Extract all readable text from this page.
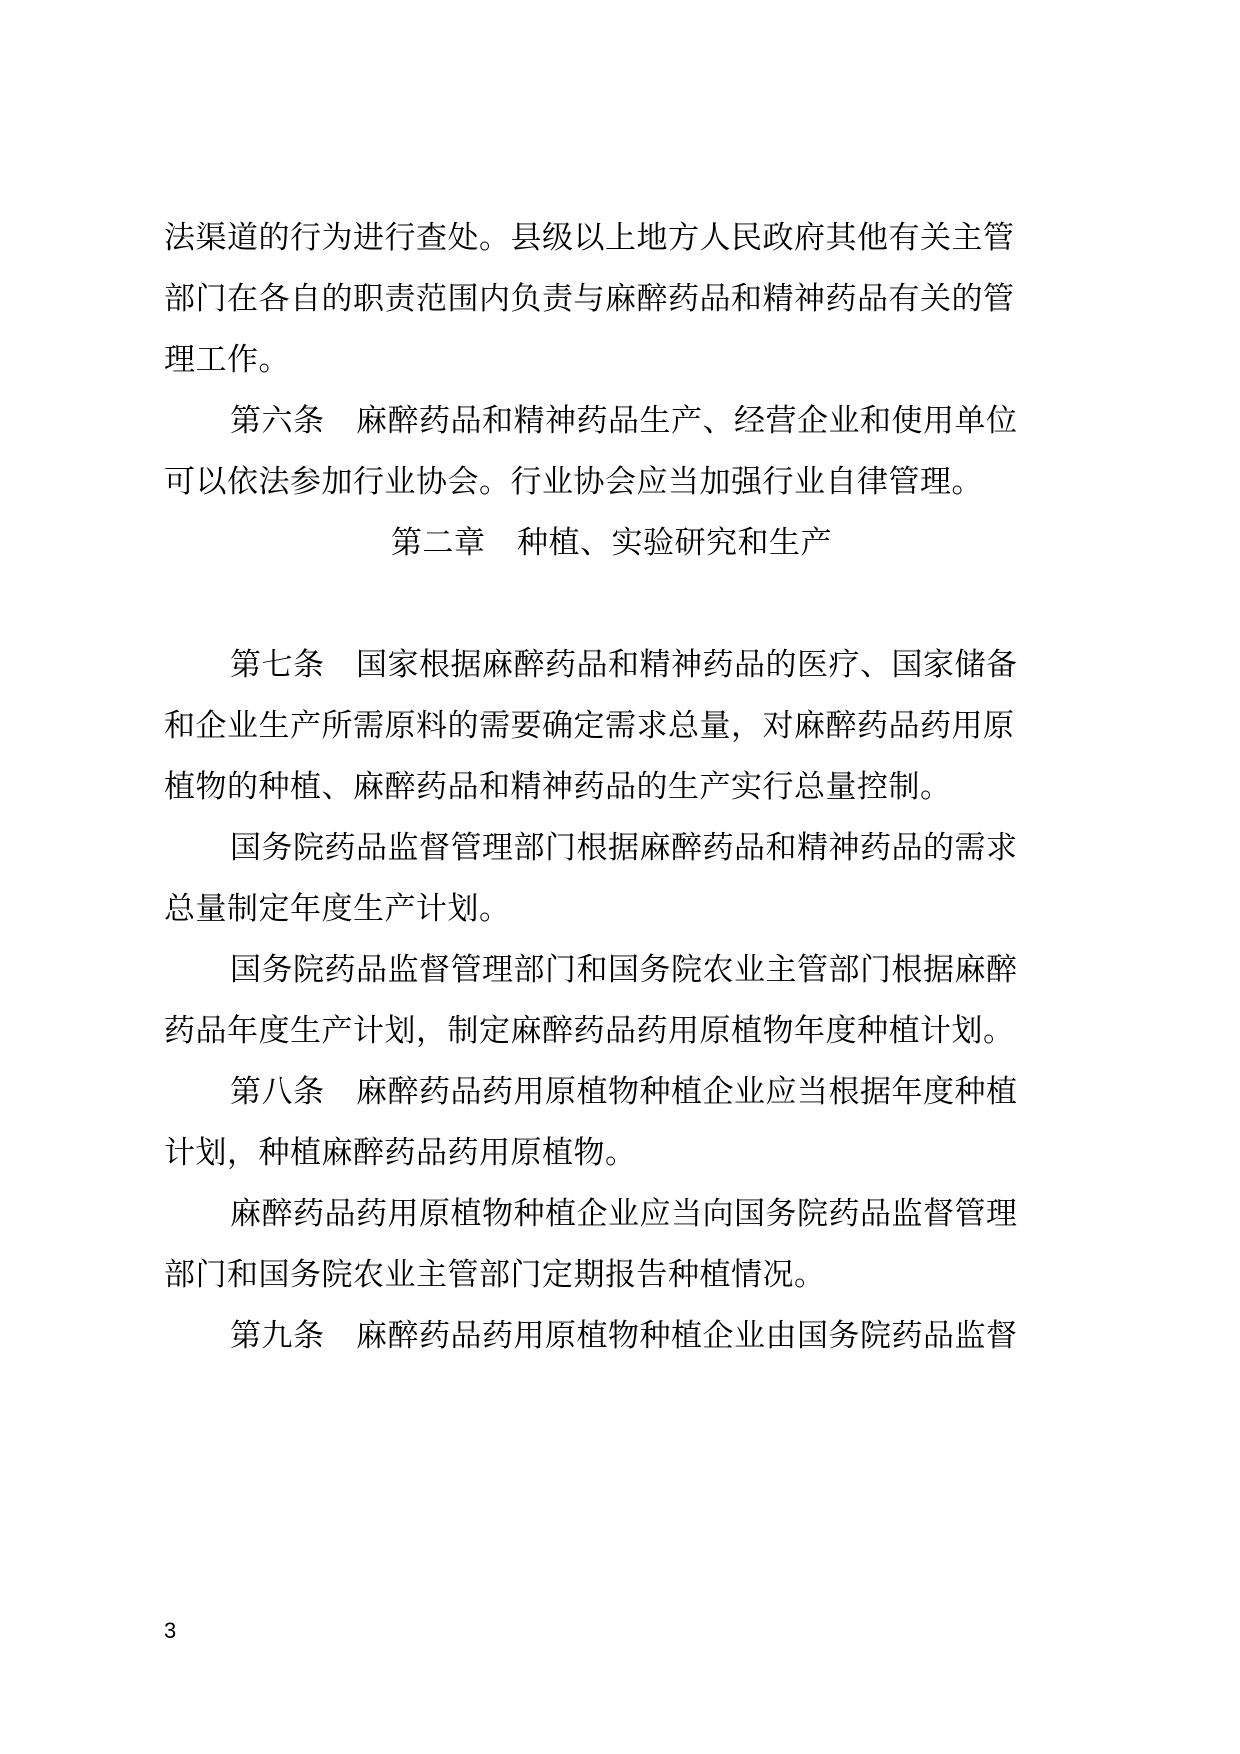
法渠道的行为进行查处。县级以上地方人民政府其他有关主管
部门在各自的职责范围内负责与麻醉药品和精神药品有关的管
理工作。
第六条　麻醉药品和精神药品生产、经营企业和使用单位
可以依法参加行业协会。行业协会应当加强行业自律管理。
第二章　种植、实验研究和生产
第七条　国家根据麻醉药品和精神药品的医疗、国家储备
和企业生产所需原料的需要确定需求总量，对麻醉药品药用原
植物的种植、麻醉药品和精神药品的生产实行总量控制。
国务院药品监督管理部门根据麻醉药品和精神药品的需求
总量制定年度生产计划。
国务院药品监督管理部门和国务院农业主管部门根据麻醉
药品年度生产计划，制定麻醉药品药用原植物年度种植计划。
第八条　麻醉药品药用原植物种植企业应当根据年度种植
计划，种植麻醉药品药用原植物。
麻醉药品药用原植物种植企业应当向国务院药品监督管理
部门和国务院农业主管部门定期报告种植情况。
第九条　麻醉药品药用原植物种植企业由国务院药品监督
3
